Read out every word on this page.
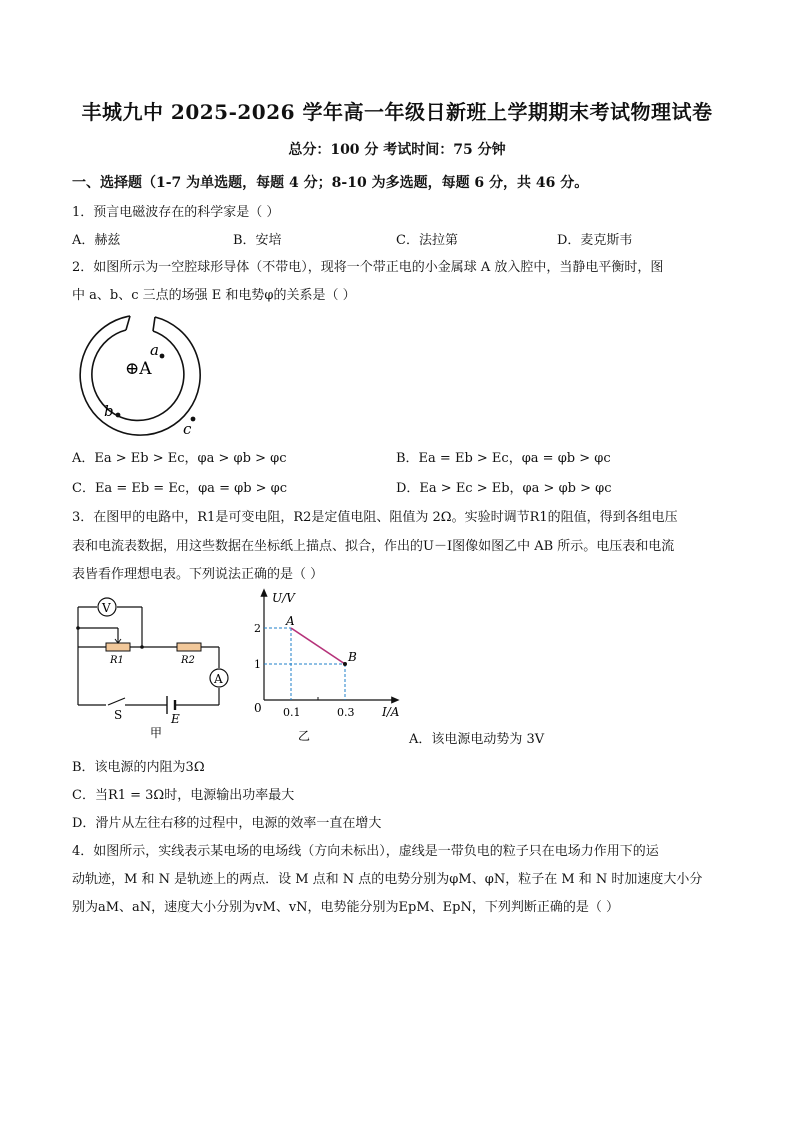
丰城九中 2025-2026 学年高一年级日新班上学期期末考试物理试卷
总分：100 分 考试时间：75 分钟
一、选择题（1-7 为单选题，每题 4 分；8-10 为多选题，每题 6 分，共 46 分。
1．预言电磁波存在的科学家是（ ）
A．赫兹	B．安培	C．法拉第	D．麦克斯韦
2．如图所示为一空腔球形导体（不带电），现将一个带正电的小金属球 A 放入腔中，当静电平衡时，图
中 a、b、c 三点的场强 E 和电势φ的关系是（ ）
⊕A
a
b
c
A．Ea > Eb > Ec，φa > φb > φc	B．Ea = Eb > Ec，φa = φb > φc
C．Ea = Eb = Ec，φa = φb > φc	D．Ea > Ec > Eb，φa > φb > φc
3．在图甲的电路中，R1是可变电阻，R2是定值电阻、阻值为 2Ω。实验时调节R1的阻值，得到各组电压
表和电流表数据，用这些数据在坐标纸上描点、拟合，作出的U－I图像如图乙中 AB 所示。电压表和电流
表皆看作理想电表。下列说法正确的是（ ）
V
R1	R2
A
S	E
甲
U/V
I/A
0
A
0.1
2
B
0.3
1
乙	A．该电源电动势为 3V
B．该电源的内阻为3Ω
C．当R1 = 3Ω时，电源输出功率最大
D．滑片从左往右移的过程中，电源的效率一直在增大
4．如图所示，实线表示某电场的电场线（方向未标出），虚线是一带负电的粒子只在电场力作用下的运
动轨迹，M 和 N 是轨迹上的两点．设 M 点和 N 点的电势分别为φM、φN，粒子在 M 和 N 时加速度大小分
别为aM、aN，速度大小分别为vM、vN，电势能分别为EpM、EpN，下列判断正确的是（ ）
